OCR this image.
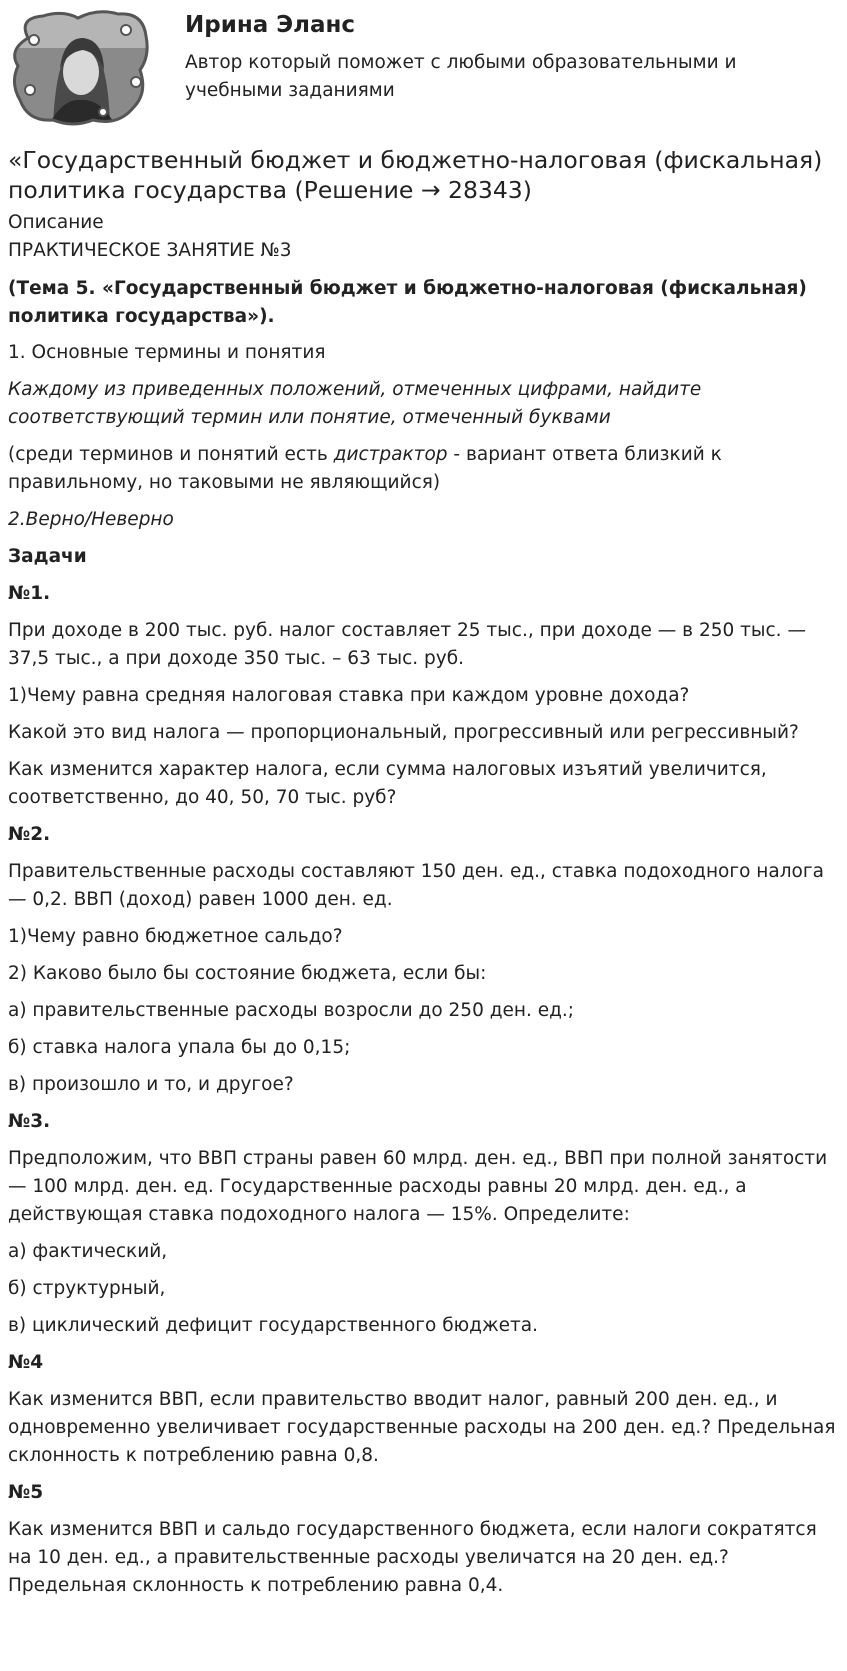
Ирина Эланс

Автор который поможет с любыми образовательными и учебными заданиями

«Государственный бюджет и бюджетно-налоговая (фискальная) политика государства (Решение → 28343)

Описание

ПРАКТИЧЕСКОЕ ЗАНЯТИЕ №3

(Тема 5. «Государственный бюджет и бюджетно-налоговая (фискальная) политика государства»).

1. Основные термины и понятия

Каждому из приведенных положений, отмеченных цифрами, найдите соответствующий термин или понятие, отмеченный буквами

(среди терминов и понятий есть дистрактор - вариант ответа близкий к правильному, но таковыми не являющийся)

2.Верно/Неверно

Задачи

№1.

При доходе в 200 тыс. руб. налог составляет 25 тыс., при доходе — в 250 тыс. — 37,5 тыс., а при доходе 350 тыс. – 63 тыс. руб.

1)Чему равна средняя налоговая ставка при каждом уровне дохода?

Какой это вид налога — пропорциональный, прогрессивный или регрессивный?

Как изменится характер налога, если сумма налоговых изъятий увеличится, соответственно, до 40, 50, 70 тыс. руб?

№2.

Правительственные расходы составляют 150 ден. ед., ставка подоходного налога — 0,2. ВВП (доход) равен 1000 ден. ед.

1)Чему равно бюджетное сальдо?

2) Каково было бы состояние бюджета, если бы:

а) правительственные расходы возросли до 250 ден. ед.;

б) ставка налога упала бы до 0,15;

в) произошло и то, и другое?

№3.

Предположим, что ВВП страны равен 60 млрд. ден. ед., ВВП при полной занятости — 100 млрд. ден. ед. Государственные расходы равны 20 млрд. ден. ед., а действующая ставка подоходного налога — 15%. Определите:

а) фактический,

б) структурный,

в) циклический дефицит государственного бюджета.

№4

Как изменится ВВП, если правительство вводит налог, равный 200 ден. ед., и одновременно увеличивает государственные расходы на 200 ден. ед.? Предельная склонность к потреблению равна 0,8.

№5

Как изменится ВВП и сальдо государственного бюджета, если налоги сократятся на 10 ден. ед., а правительственные расходы увеличатся на 20 ден. ед.? Предельная склонность к потреблению равна 0,4.
